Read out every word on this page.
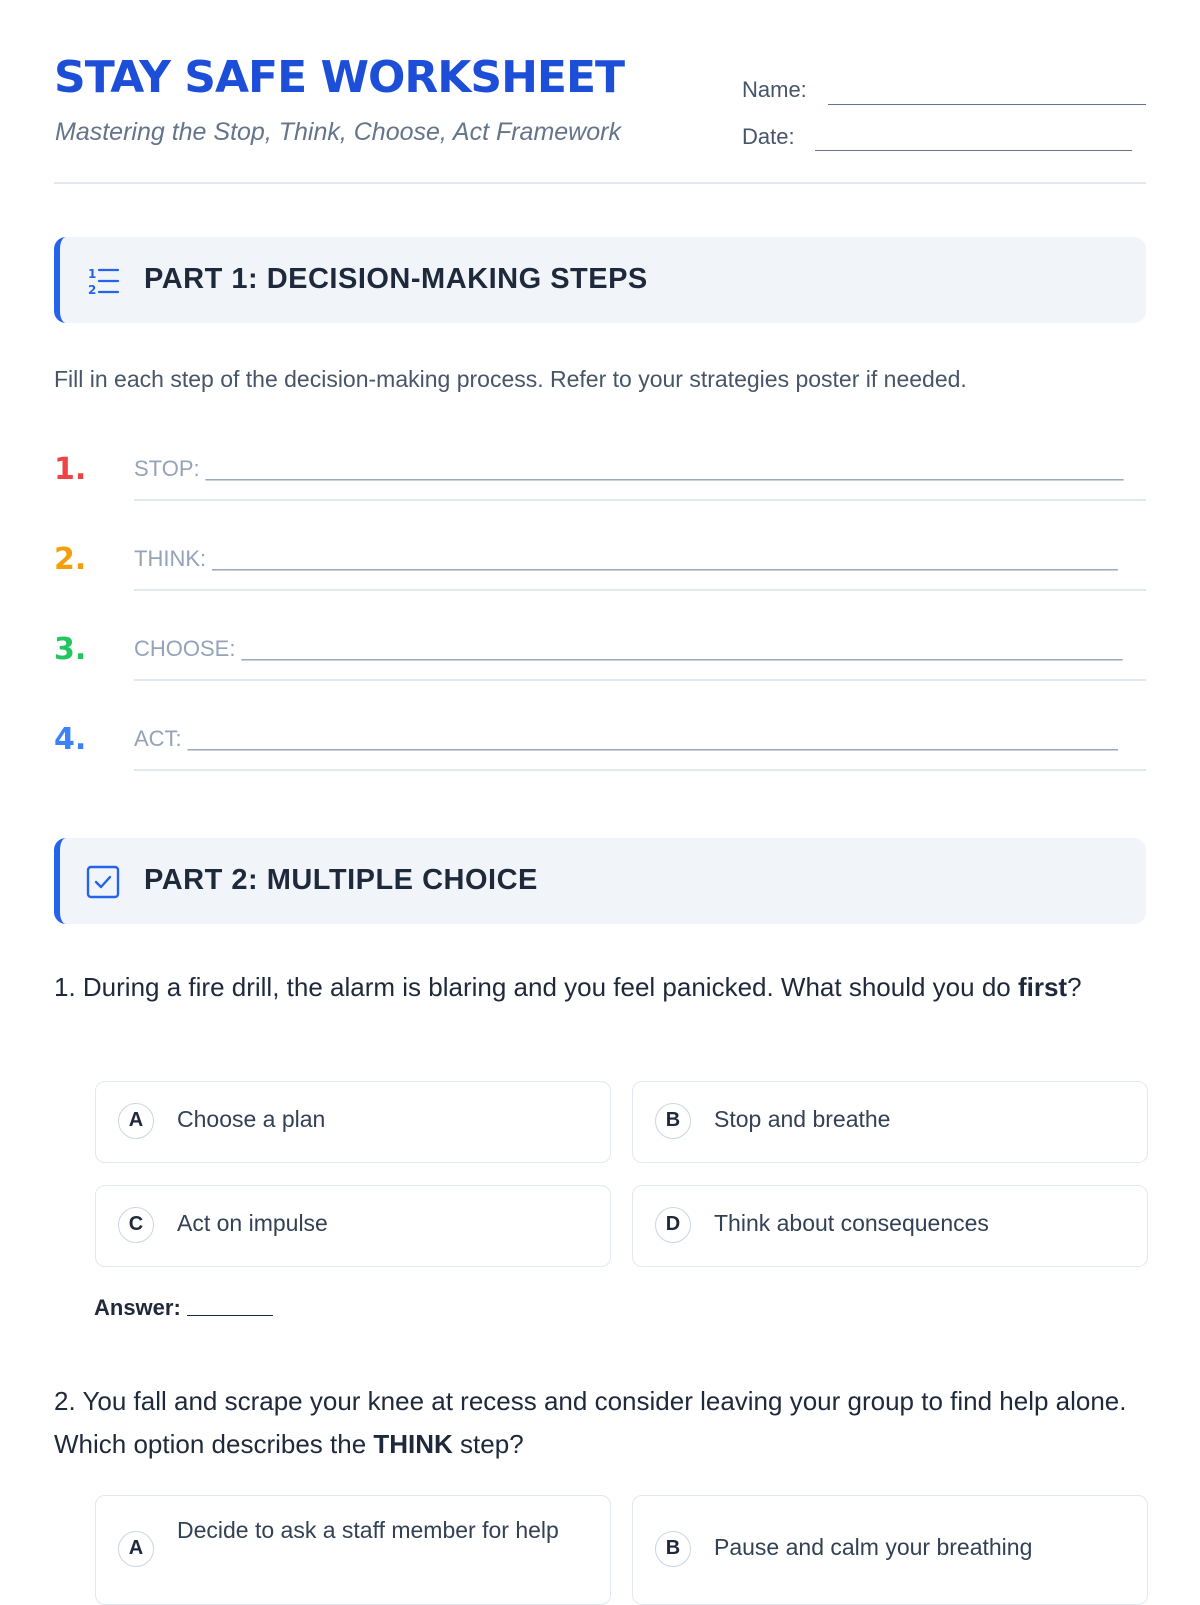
STAY SAFE WORKSHEET
Mastering the Stop, Think, Choose, Act Framework
Name:
Date:
1
2 PART 1: DECISION-MAKING STEPS
Fill in each step of the decision-making process. Refer to your strategies poster if needed.
1. STOP: ___________________________________________________________________________
2. THINK: __________________________________________________________________________
3. CHOOSE: ________________________________________________________________________
4. ACT: ____________________________________________________________________________
PART 2: MULTIPLE CHOICE

1. During a fire drill, the alarm is blaring and you feel panicked. What should you do first?

A	Choose a plan	B	Stop and breathe
C	Act on impulse	D	Think about consequences
Answer:

2. You fall and scrape your knee at recess and consider leaving your group to find help alone. Which option describes the THINK step?

A
Decide to ask a staff member for help
B	Pause and calm your breathing
